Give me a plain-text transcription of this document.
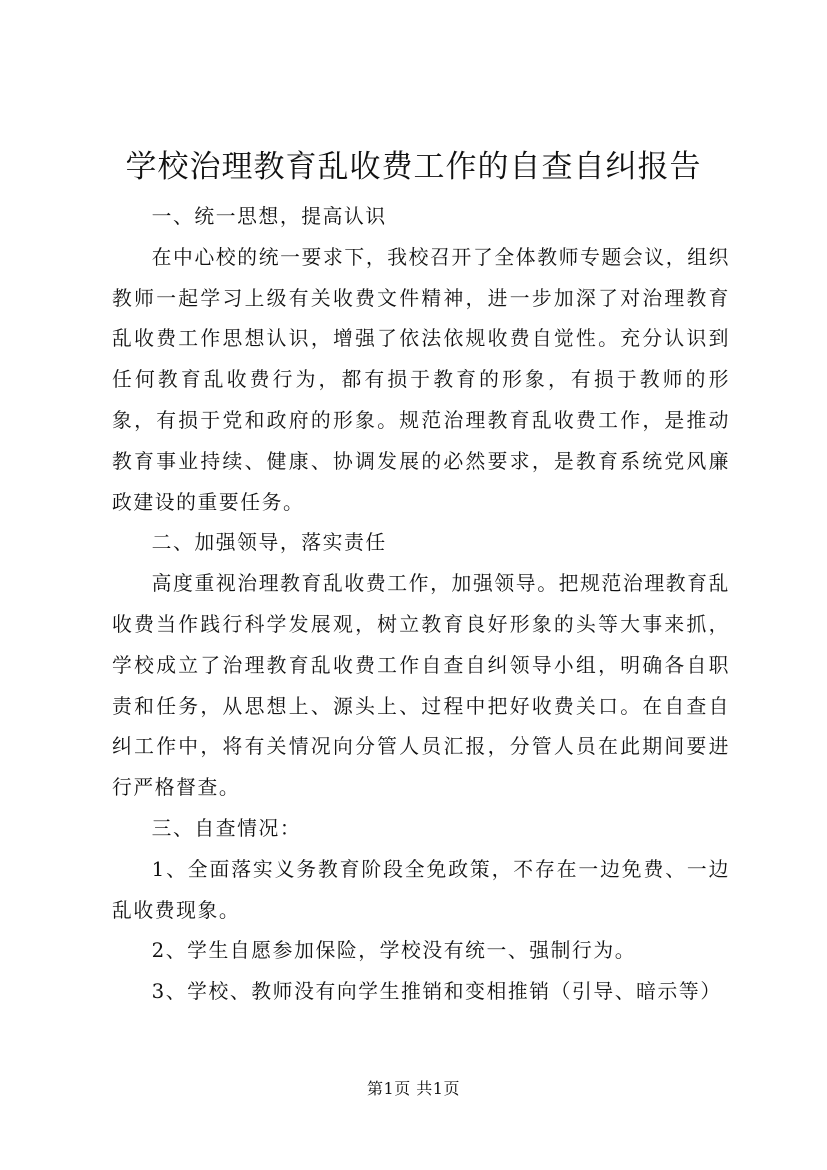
学校治理教育乱收费工作的自查自纠报告

一、统一思想，提高认识

在中心校的统一要求下，我校召开了全体教师专题会议，组织教师一起学习上级有关收费文件精神，进一步加深了对治理教育乱收费工作思想认识，增强了依法依规收费自觉性。充分认识到任何教育乱收费行为，都有损于教育的形象，有损于教师的形象，有损于党和政府的形象。规范治理教育乱收费工作，是推动教育事业持续、健康、协调发展的必然要求，是教育系统党风廉政建设的重要任务。

二、加强领导，落实责任

高度重视治理教育乱收费工作，加强领导。把规范治理教育乱收费当作践行科学发展观，树立教育良好形象的头等大事来抓，学校成立了治理教育乱收费工作自查自纠领导小组，明确各自职责和任务，从思想上、源头上、过程中把好收费关口。在自查自纠工作中，将有关情况向分管人员汇报，分管人员在此期间要进行严格督查。

三、自查情况：

1、全面落实义务教育阶段全免政策，不存在一边免费、一边乱收费现象。

2、学生自愿参加保险，学校没有统一、强制行为。

3、学校、教师没有向学生推销和变相推销（引导、暗示等）

第1页 共1页
